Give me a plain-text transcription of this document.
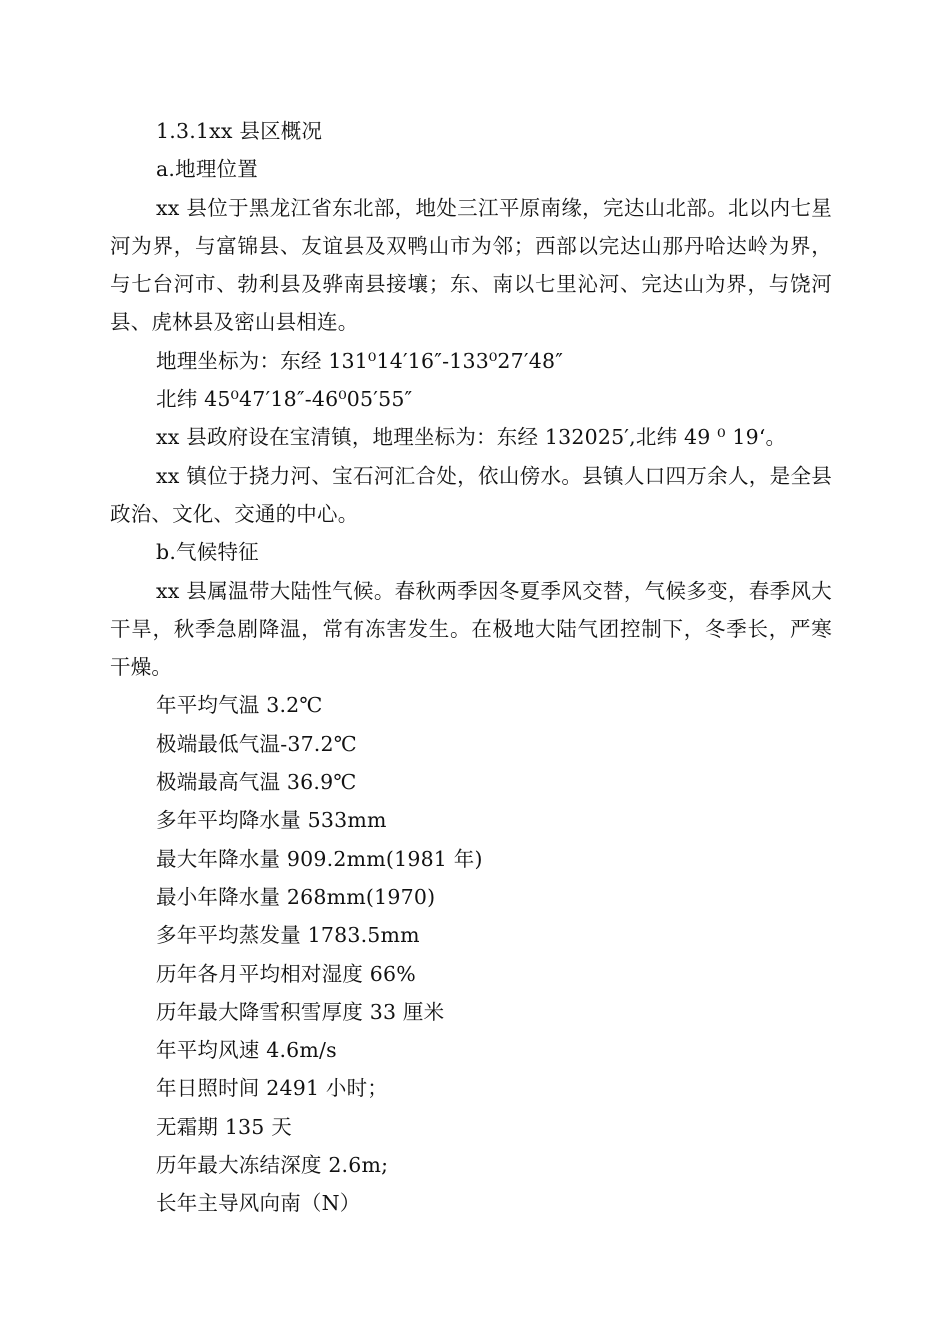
1.3.1xx 县区概况

a.地理位置

xx 县位于黑龙江省东北部，地处三江平原南缘，完达山北部。北以内七星河为界，与富锦县、友谊县及双鸭山市为邻；西部以完达山那丹哈达岭为界，与七台河市、勃利县及骅南县接壤；东、南以七里沁河、完达山为界，与饶河县、虎林县及密山县相连。

地理坐标为：东经 131⁰14′16″-133⁰27′48″

北纬 45⁰47′18″-46⁰05′55″

xx 县政府设在宝清镇，地理坐标为：东经 132025′,北纬 49 ⁰ 19‘。

xx 镇位于挠力河、宝石河汇合处，依山傍水。县镇人口四万余人，是全县政治、文化、交通的中心。

b.气候特征

xx 县属温带大陆性气候。春秋两季因冬夏季风交替，气候多变，春季风大干旱，秋季急剧降温，常有冻害发生。在极地大陆气团控制下，冬季长，严寒干燥。

年平均气温 3.2℃

极端最低气温-37.2℃

极端最高气温 36.9℃

多年平均降水量 533mm

最大年降水量 909.2mm(1981 年)

最小年降水量 268mm(1970)

多年平均蒸发量 1783.5mm

历年各月平均相对湿度 66%

历年最大降雪积雪厚度 33 厘米

年平均风速 4.6m/s

年日照时间 2491 小时；

无霜期 135 天

历年最大冻结深度 2.6m;

长年主导风向南（N）
